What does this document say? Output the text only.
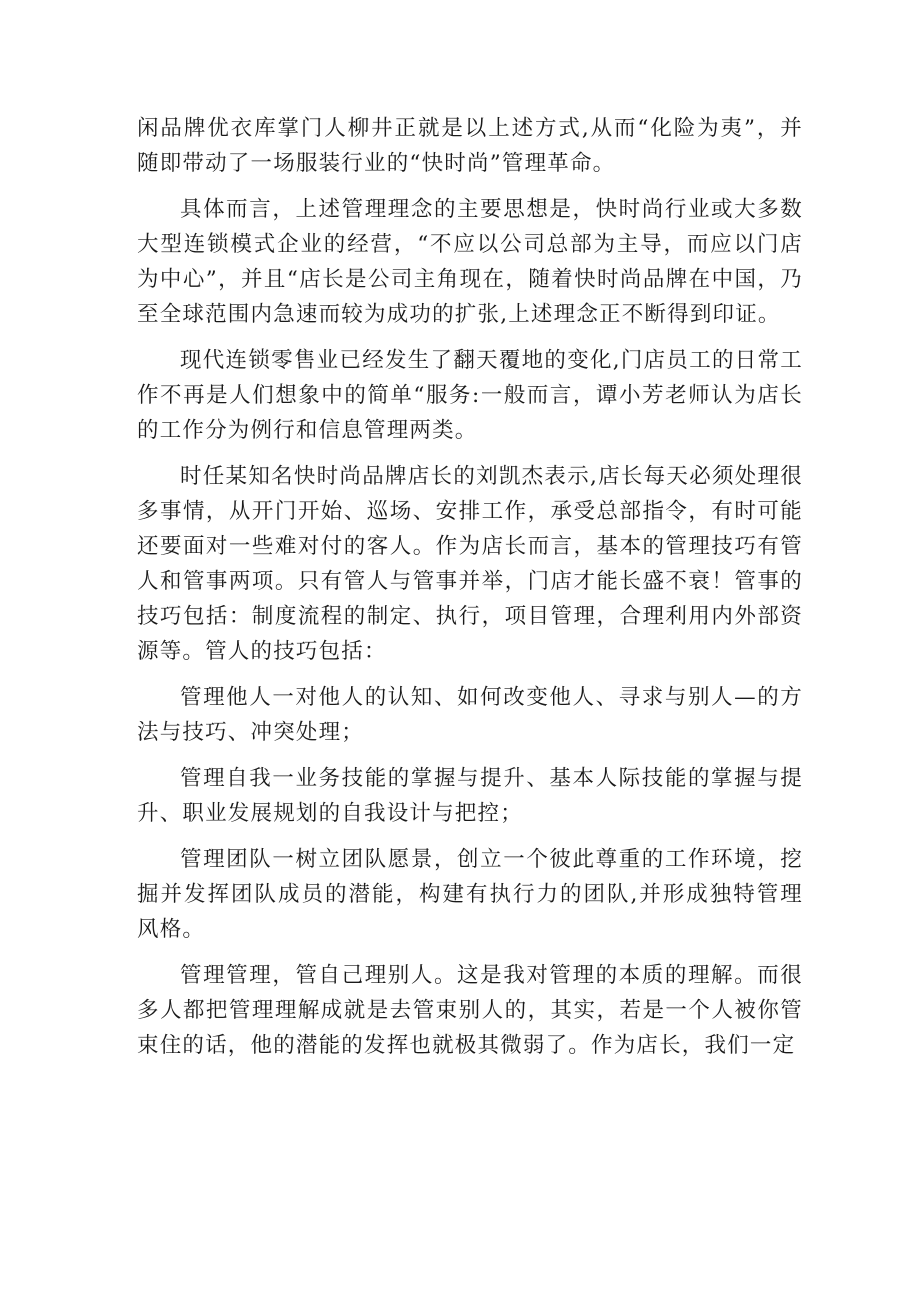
闲品牌优衣库掌门人柳井正就是以上述方式,从而“化险为夷”，并随即带动了一场服装行业的“快时尚”管理革命。

具体而言，上述管理理念的主要思想是，快时尚行业或大多数大型连锁模式企业的经营，“不应以公司总部为主导，而应以门店为中心”，并且“店长是公司主角现在，随着快时尚品牌在中国，乃至全球范围内急速而较为成功的扩张,上述理念正不断得到印证。

现代连锁零售业已经发生了翻天覆地的变化,门店员工的日常工作不再是人们想象中的简单“服务:一般而言，谭小芳老师认为店长的工作分为例行和信息管理两类。

时任某知名快时尚品牌店长的刘凯杰表示,店长每天必须处理很多事情，从开门开始、巡场、安排工作，承受总部指令，有时可能还要面对一些难对付的客人。作为店长而言，基本的管理技巧有管人和管事两项。只有管人与管事并举，门店才能长盛不衰！管事的技巧包括：制度流程的制定、执行，项目管理，合理利用内外部资源等。管人的技巧包括：

管理他人一对他人的认知、如何改变他人、寻求与别人—的方法与技巧、冲突处理；

管理自我一业务技能的掌握与提升、基本人际技能的掌握与提升、职业发展规划的自我设计与把控；

管理团队一树立团队愿景，创立一个彼此尊重的工作环境，挖掘并发挥团队成员的潜能，构建有执行力的团队,并形成独特管理风格。

管理管理，管自己理别人。这是我对管理的本质的理解。而很多人都把管理理解成就是去管束别人的，其实，若是一个人被你管束住的话，他的潜能的发挥也就极其微弱了。作为店长，我们一定
